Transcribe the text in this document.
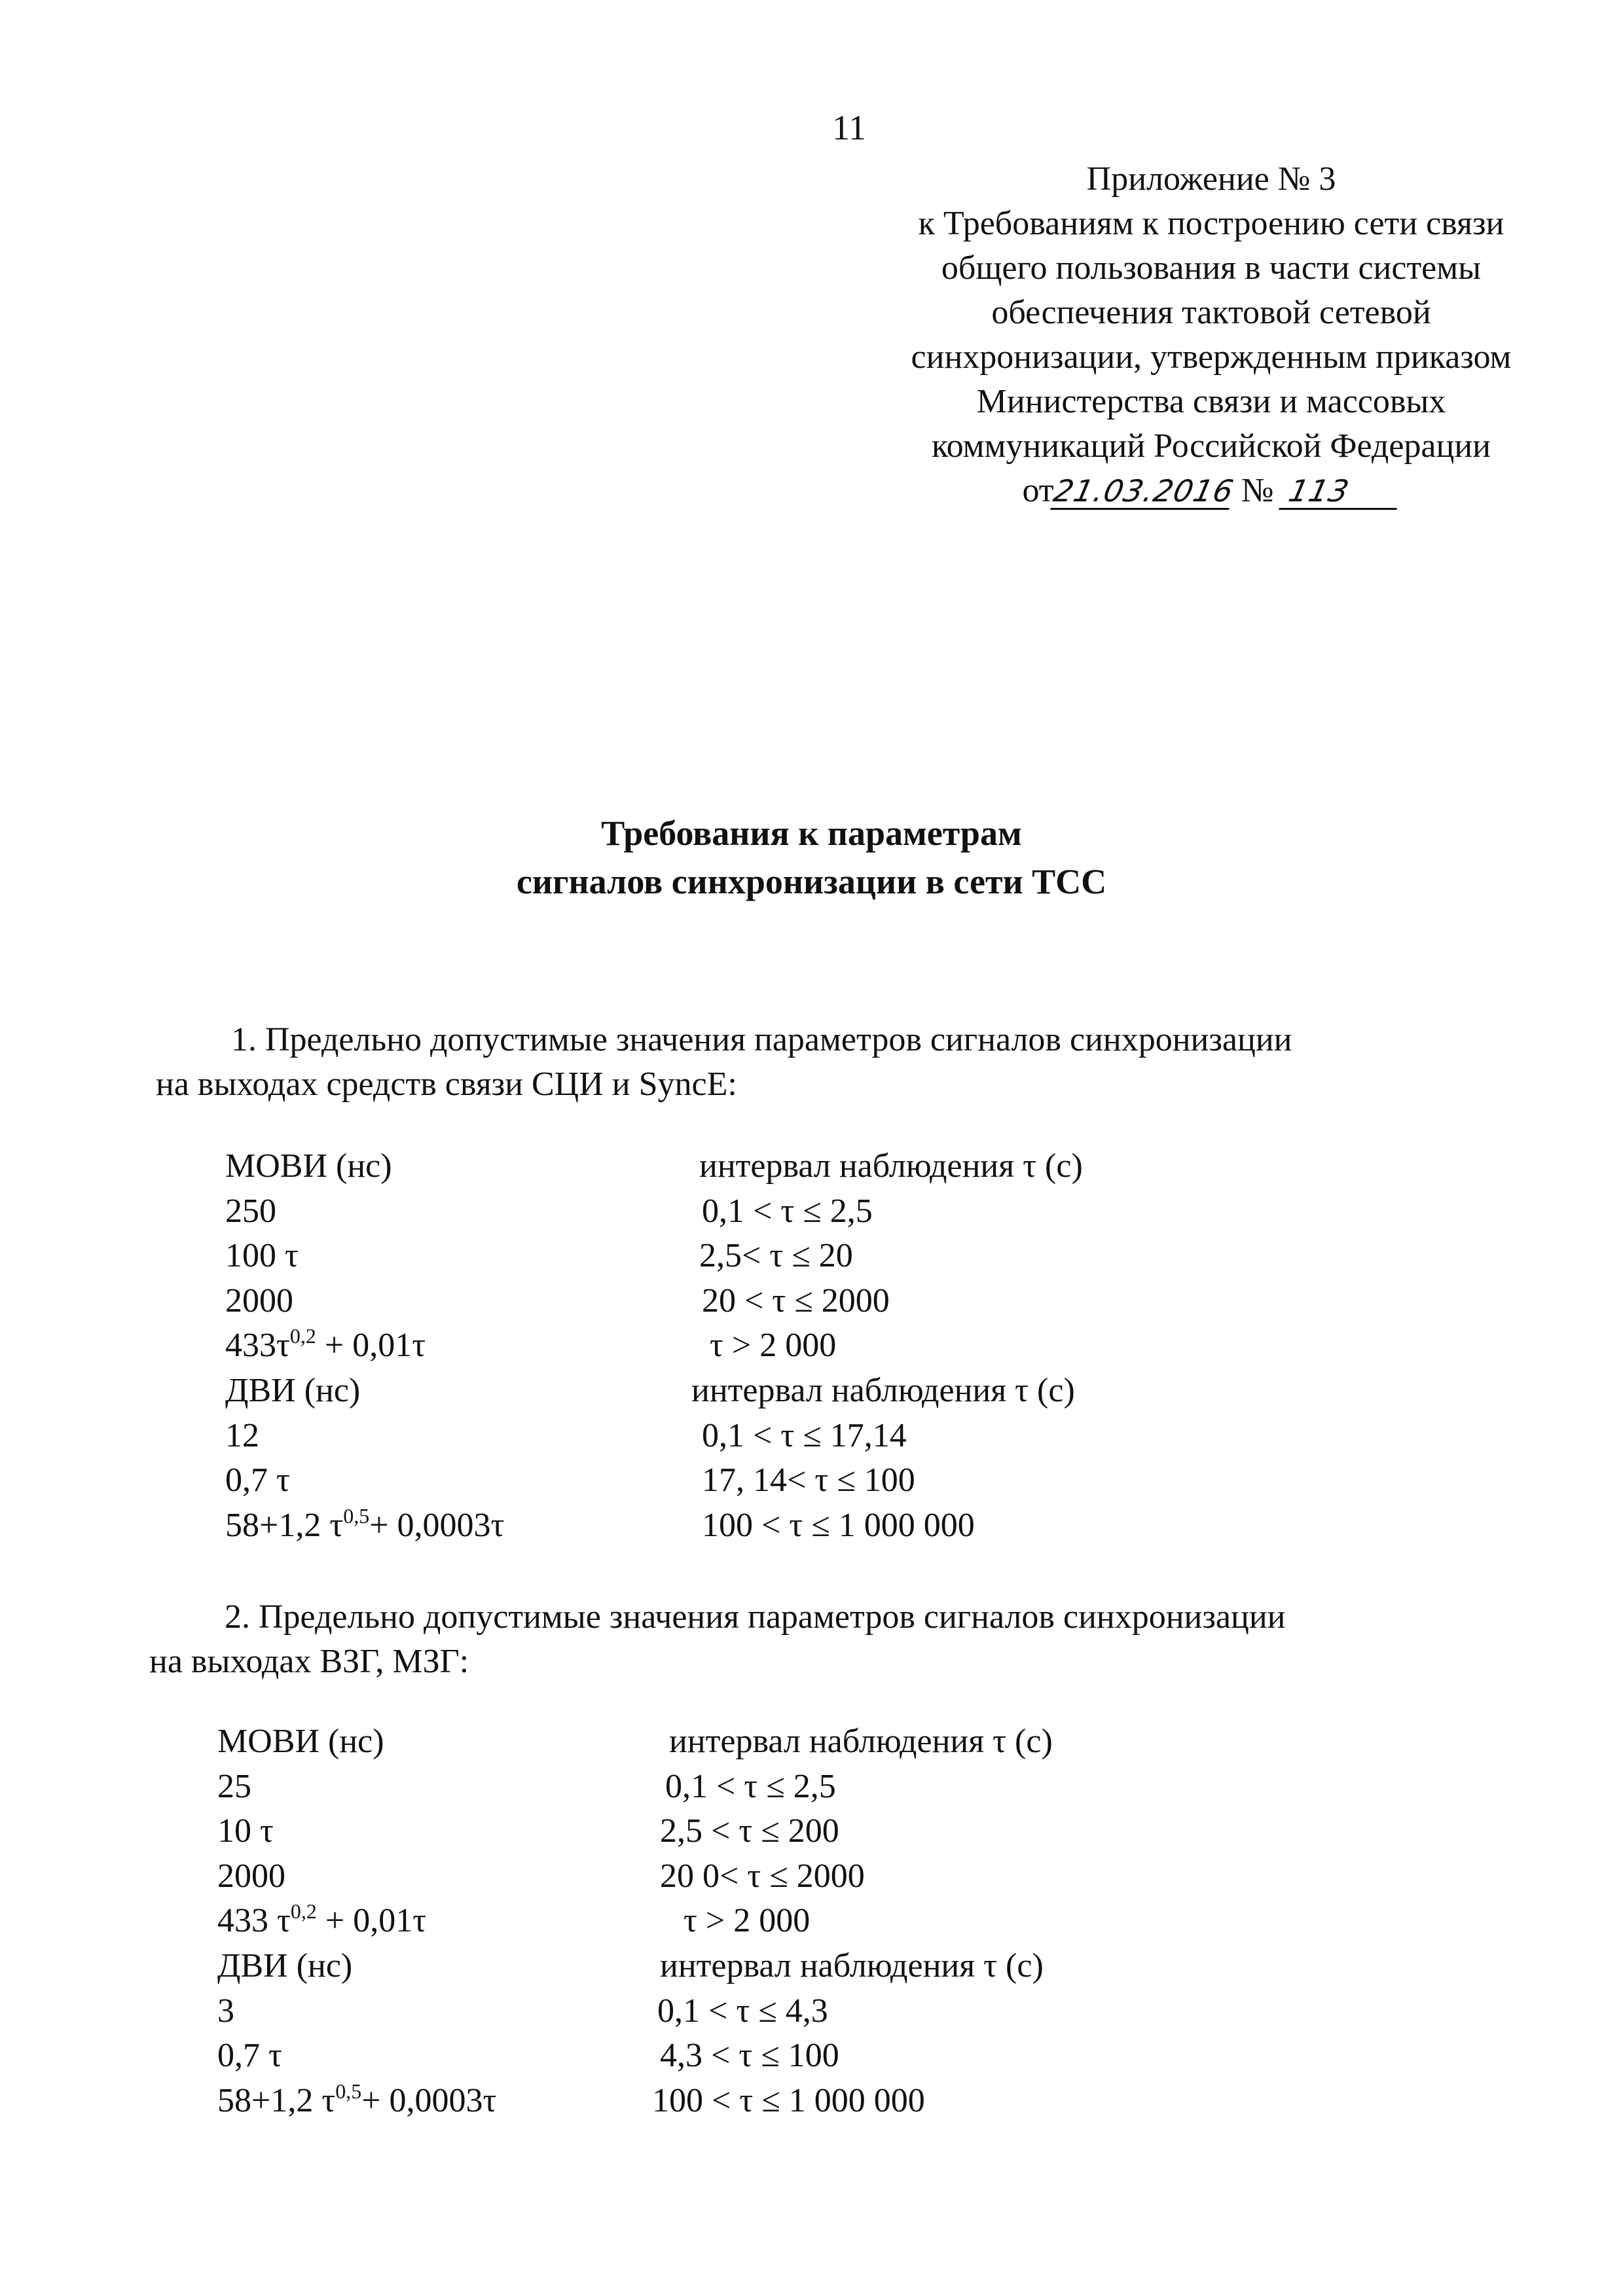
11
Приложение № 3
к Требованиям к построению сети связи
общего пользования в части системы
обеспечения тактовой сетевой
синхронизации, утвержденным приказом
Министерства связи и массовых
коммуникаций Российской Федерации
от21.03.2016 № 113
Требования к параметрам
сигналов синхронизации в сети ТСС
1. Предельно допустимые значения параметров сигналов синхронизации
на выходах средств связи СЦИ и SyncE:
МОВИ (нс)	интервал наблюдения τ (с)
250	0,1 < τ ≤ 2,5
100 τ	2,5< τ ≤ 20
2000	20 < τ ≤ 2000
$433\tau^{0,2} + 0,01\tau$	τ > 2 000
ДВИ (нс)	интервал наблюдения τ (с)
12	0,1 < τ ≤ 17,14
0,7 τ	17, 14< τ ≤ 100
58+1,2 $\tau^{0,5}+ 0,0003\tau$	100 < τ ≤ 1 000 000
2. Предельно допустимые значения параметров сигналов синхронизации
на выходах ВЗГ, МЗГ:
МОВИ (нс)	интервал наблюдения τ (с)
25	0,1 < τ ≤ 2,5
10 τ	2,5 < τ ≤ 200
2000	20 0< τ ≤ 2000
433 $\tau^{0,2} + 0,01\tau$	τ > 2 000
ДВИ (нс)	интервал наблюдения τ (с)
3	0,1 < τ ≤ 4,3
0,7 τ	4,3 < τ ≤ 100
58+1,2 $\tau^{0,5}+ 0,0003\tau$	100 < τ ≤ 1 000 000
